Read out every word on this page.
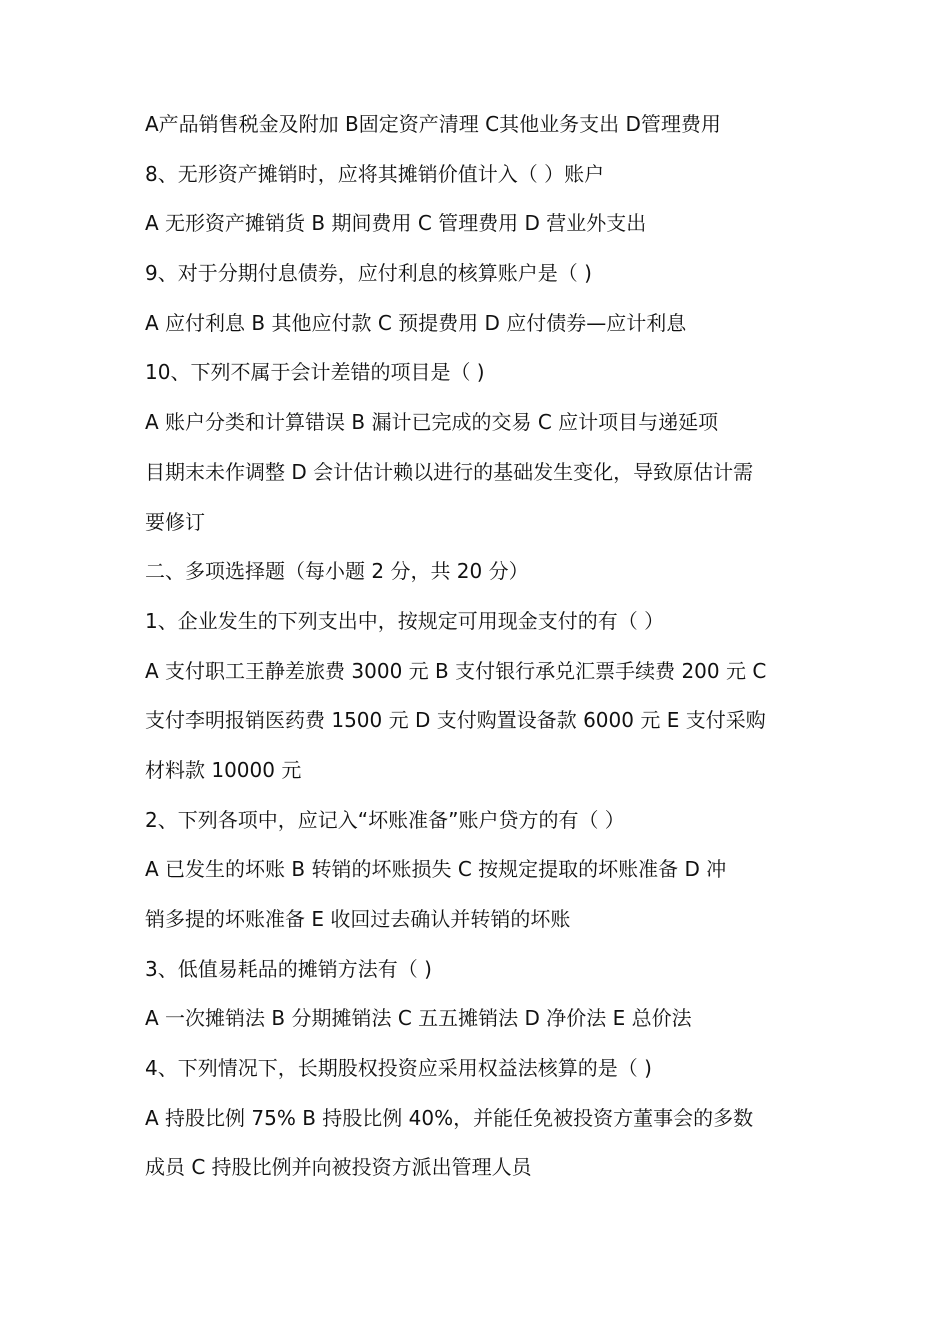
A产品销售税金及附加 B固定资产清理 C其他业务支出 D管理费用
8、无形资产摊销时，应将其摊销价值计入（ ）账户
A 无形资产摊销货 B 期间费用 C 管理费用 D 营业外支出
9、对于分期付息债券，应付利息的核算账户是（ )
A 应付利息 B 其他应付款 C 预提费用 D 应付债券—应计利息
10、下列不属于会计差错的项目是（ )
A 账户分类和计算错误 B 漏计已完成的交易 C 应计项目与递延项
目期末未作调整 D 会计估计赖以进行的基础发生变化，导致原估计需
要修订
二、多项选择题（每小题 2 分，共 20 分）
1、企业发生的下列支出中，按规定可用现金支付的有（ ）
A 支付职工王静差旅费 3000 元 B 支付银行承兑汇票手续费 200 元 C
支付李明报销医药费 1500 元 D 支付购置设备款 6000 元 E 支付采购
材料款 10000 元
2、下列各项中，应记入“坏账准备”账户贷方的有（ ）
A 已发生的坏账 B 转销的坏账损失 C 按规定提取的坏账准备 D 冲
销多提的坏账准备 E 收回过去确认并转销的坏账
3、低值易耗品的摊销方法有（ )
A 一次摊销法 B 分期摊销法 C 五五摊销法 D 净价法 E 总价法
4、下列情况下，长期股权投资应采用权益法核算的是（ )
A 持股比例 75% B 持股比例 40%，并能任免被投资方董事会的多数
成员 C 持股比例并向被投资方派出管理人员
